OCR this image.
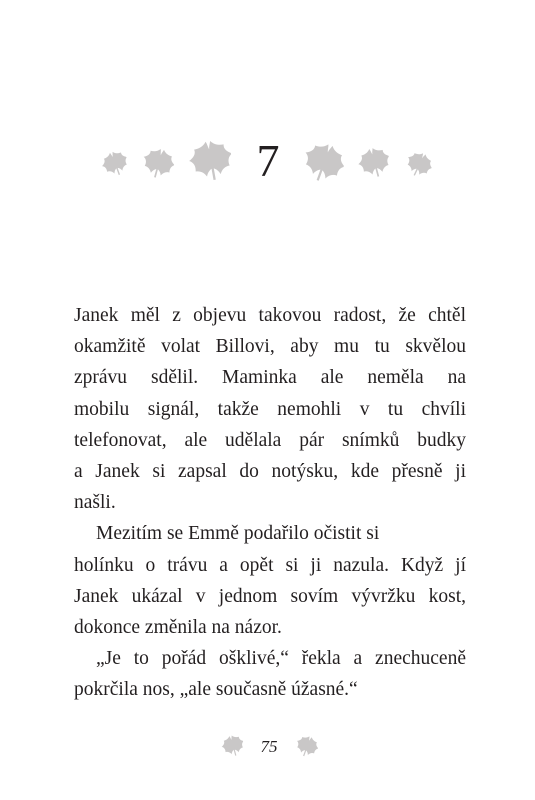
7
Janek měl z objevu takovou radost, že chtěl
okamžitě volat Billovi, aby mu tu skvělou
zprávu sdělil. Maminka ale neměla na
mobilu signál, takže nemohli v tu chvíli
telefonovat, ale udělala pár snímků budky
a Janek si zapsal do notýsku, kde přesně ji
našli.
Mezitím se Emmě podařilo očistit si
holínku o trávu a opět si ji nazula. Když jí
Janek ukázal v jednom sovím vývržku kost,
dokonce změnila na názor.
„Je to pořád ošklivé,“ řekla a znechuceně
pokrčila nos, „ale současně úžasné.“
75
